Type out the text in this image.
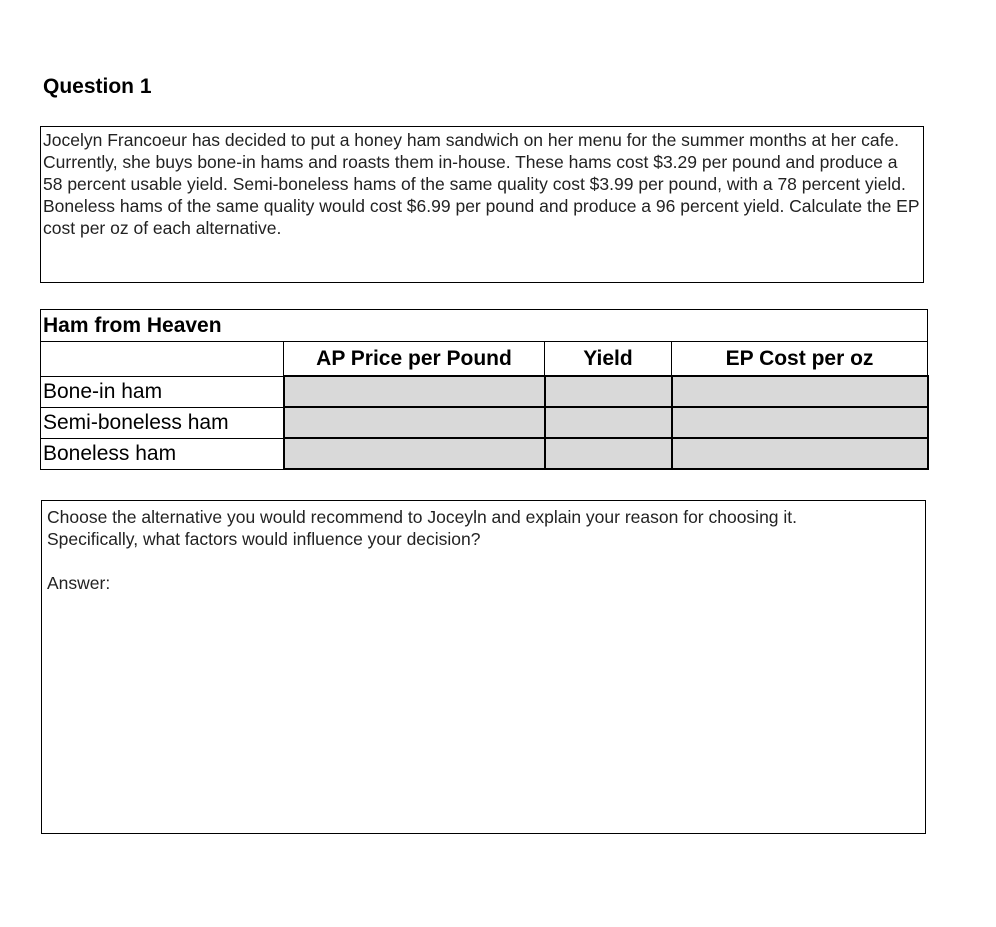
Question 1
Jocelyn Francoeur has decided to put a honey ham sandwich on her menu for the summer months at her cafe. Currently, she buys bone-in hams and roasts them in-house. These hams cost $3.29 per pound and produce a 58 percent usable yield. Semi-boneless hams of the same quality cost $3.99 per pound, with a 78 percent yield. Boneless hams of the same quality would cost $6.99 per pound and produce a 96 percent yield. Calculate the EP cost per oz of each alternative.
Ham from Heaven			
	AP Price per Pound	Yield	EP Cost per oz
Bone-in ham			
Semi-boneless ham			
Boneless ham			
Choose the alternative you would recommend to Joceyln and explain your reason for choosing it.
Specifically, what factors would influence your decision?
Answer:
